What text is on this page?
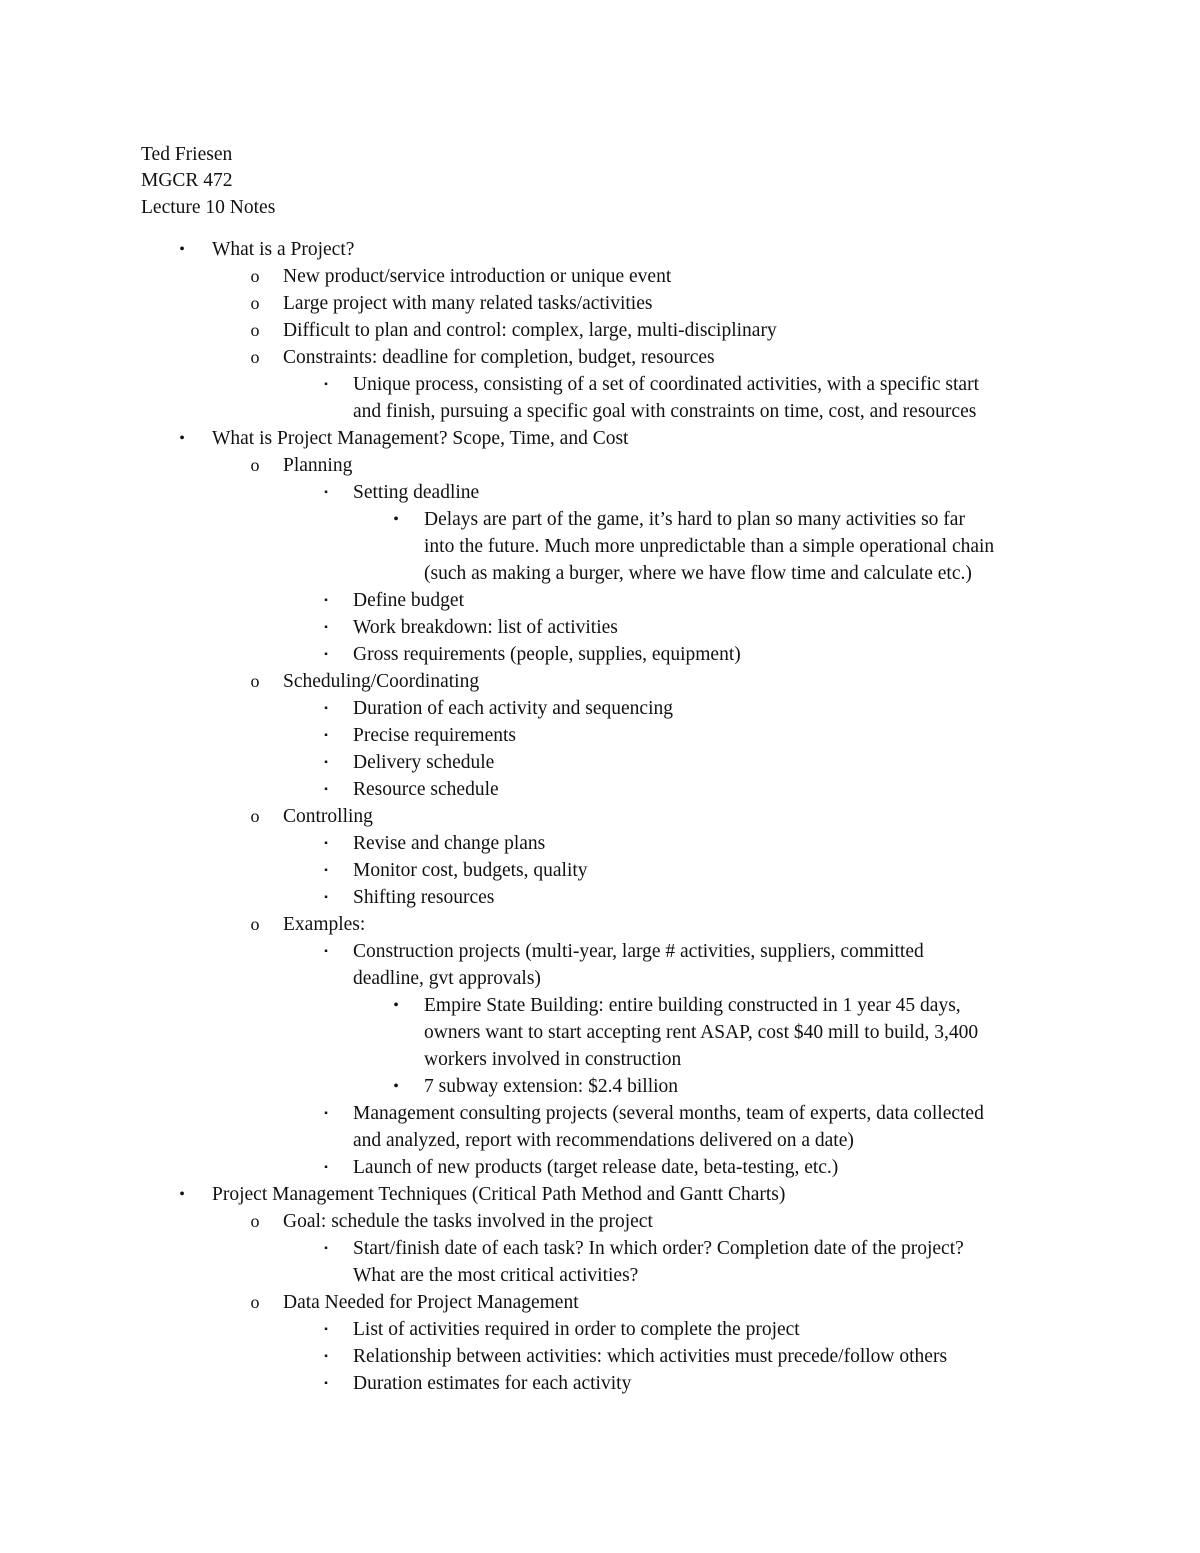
Ted Friesen
MGCR 472
Lecture 10 Notes
•	What is a Project?
o New product/service introduction or unique event
o Large project with many related tasks/activities
o Difficult to plan and control: complex, large, multi-disciplinary
o Constraints: deadline for completion, budget, resources
▪	Unique process, consisting of a set of coordinated activities, with a specific start
and finish, pursuing a specific goal with constraints on time, cost, and resources
•	What is Project Management? Scope, Time, and Cost
o Planning
▪	Setting deadline
•	Delays are part of the game, it’s hard to plan so many activities so far
into the future. Much more unpredictable than a simple operational chain
(such as making a burger, where we have flow time and calculate etc.)
▪	Define budget
▪	Work breakdown: list of activities
▪	Gross requirements (people, supplies, equipment)
o Scheduling/Coordinating
▪	Duration of each activity and sequencing
▪	Precise requirements
▪	Delivery schedule
▪	Resource schedule
o Controlling
▪	Revise and change plans
▪	Monitor cost, budgets, quality
▪	Shifting resources
o Examples:
▪	Construction projects (multi-year, large # activities, suppliers, committed
deadline, gvt approvals)
•	Empire State Building: entire building constructed in 1 year 45 days,
owners want to start accepting rent ASAP, cost $40 mill to build, 3,400
workers involved in construction
•	7 subway extension: $2.4 billion
▪	Management consulting projects (several months, team of experts, data collected
and analyzed, report with recommendations delivered on a date)
▪	Launch of new products (target release date, beta-testing, etc.)
•	Project Management Techniques (Critical Path Method and Gantt Charts)
o Goal: schedule the tasks involved in the project
▪	Start/finish date of each task? In which order? Completion date of the project?
What are the most critical activities?
o Data Needed for Project Management
▪	List of activities required in order to complete the project
▪	Relationship between activities: which activities must precede/follow others
▪	Duration estimates for each activity
